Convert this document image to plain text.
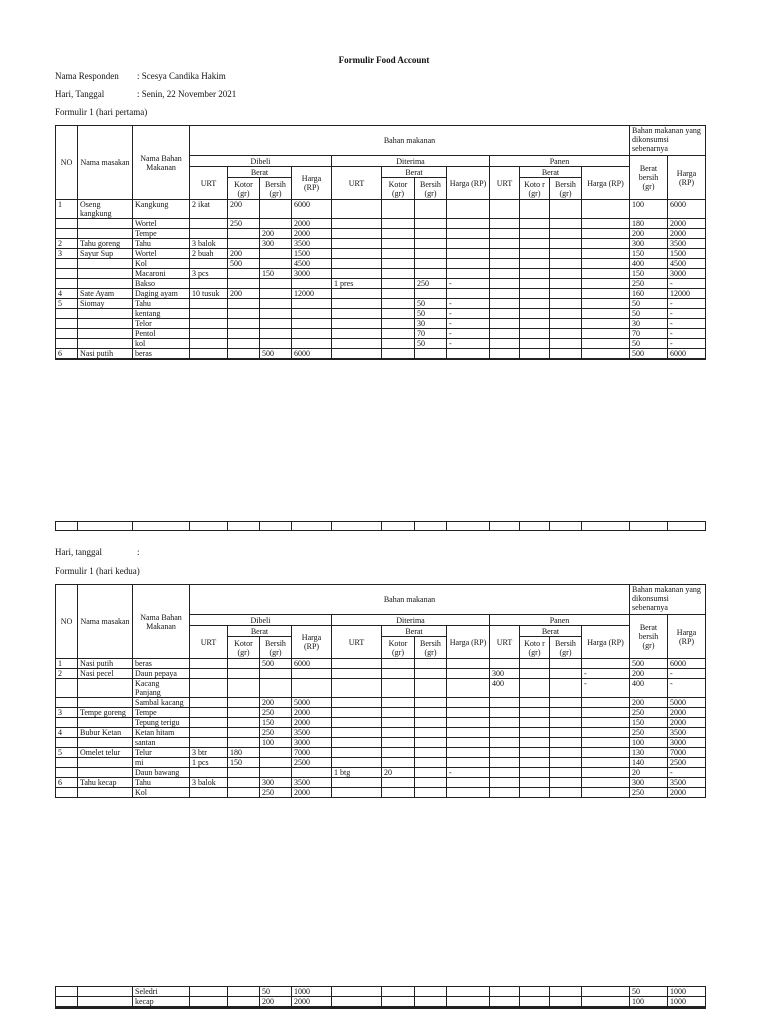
Formulir Food Account
Nama Responden : Scesya Candika Hakim
Hari, Tanggal	: Senin, 22 November 2021
Formulir 1 (hari pertama)
NO	Nama masakan	Nama Bahan Makanan	Bahan makanan	Bahan makanan yang dikonsumsi sebenarnya
Dibeli	Diterima	Panen	Berat bersih (gr)	Harga (RP)
URT	Berat	Harga (RP)	URT	Berat	Harga (RP)	URT	Berat	Harga (RP)
Kotor (gr)	Bersih (gr)	Kotor (gr)	Bersih (gr)	Koto r (gr)	Bersih (gr)
1	Oseng kangkung	Kangkung	2 ikat	200		6000									100	6000
		Wortel		250		2000									180	2000
		Tempe			200	2000									200	2000
2	Tahu goreng	Tahu	3 balok		300	3500									300	3500
3	Sayur Sup	Wortel	2 buah	200		1500									150	1500
		Kol		500		4500									400	4500
		Macaroni	3 pcs		150	3000									150	3000
		Bakso					1 pres		250	-					250	-
4	Sate Ayam	Daging ayam	10 tusuk	200		12000									160	12000
5	Siomay	Tahu							50	-					50	-
		kentang							50	-					50	-
		Telor							30	-					30	-
		Pentol							70	-					70	-
		kol							50	-					50	-
6	Nasi putih	beras			500	6000									500	6000

Hari, tanggal	:
Formulir 1 (hari kedua)
NO	Nama masakan	Nama Bahan Makanan	Bahan makanan	Bahan makanan yang dikonsumsi sebenarnya
Dibeli	Diterima	Panen	Berat bersih (gr)	Harga (RP)
URT	Berat	Harga (RP)	URT	Berat	Harga (RP)	URT	Berat	Harga (RP)
Kotor (gr)	Bersih (gr)	Kotor (gr)	Bersih (gr)	Koto r (gr)	Bersih (gr)
1	Nasi putih	beras			500	6000									500	6000
2	Nasi pecel	Daun pepaya									300			-	200	-
		Kacang Panjang									400			-	400	-
		Sambal kacang			200	5000									200	5000
3	Tempe goreng	Tempe			250	2000									250	2000
		Tepung terigu			150	2000									150	2000
4	Bubur Ketan	Ketan hitam			250	3500									250	3500
		santan			100	3000									100	3000
5	Omelet telur	Telur	3 btr	180		7000									130	7000
		mi	1 pcs	150		2500									140	2500
		Daun bawang					1 btg	20		-					20	-
6	Tahu kecap	Tahu	3 balok		300	3500									300	3500
		Kol			250	2000									250	2000
		Seledri			50	1000									50	1000
		kecap			200	2000									100	1000
